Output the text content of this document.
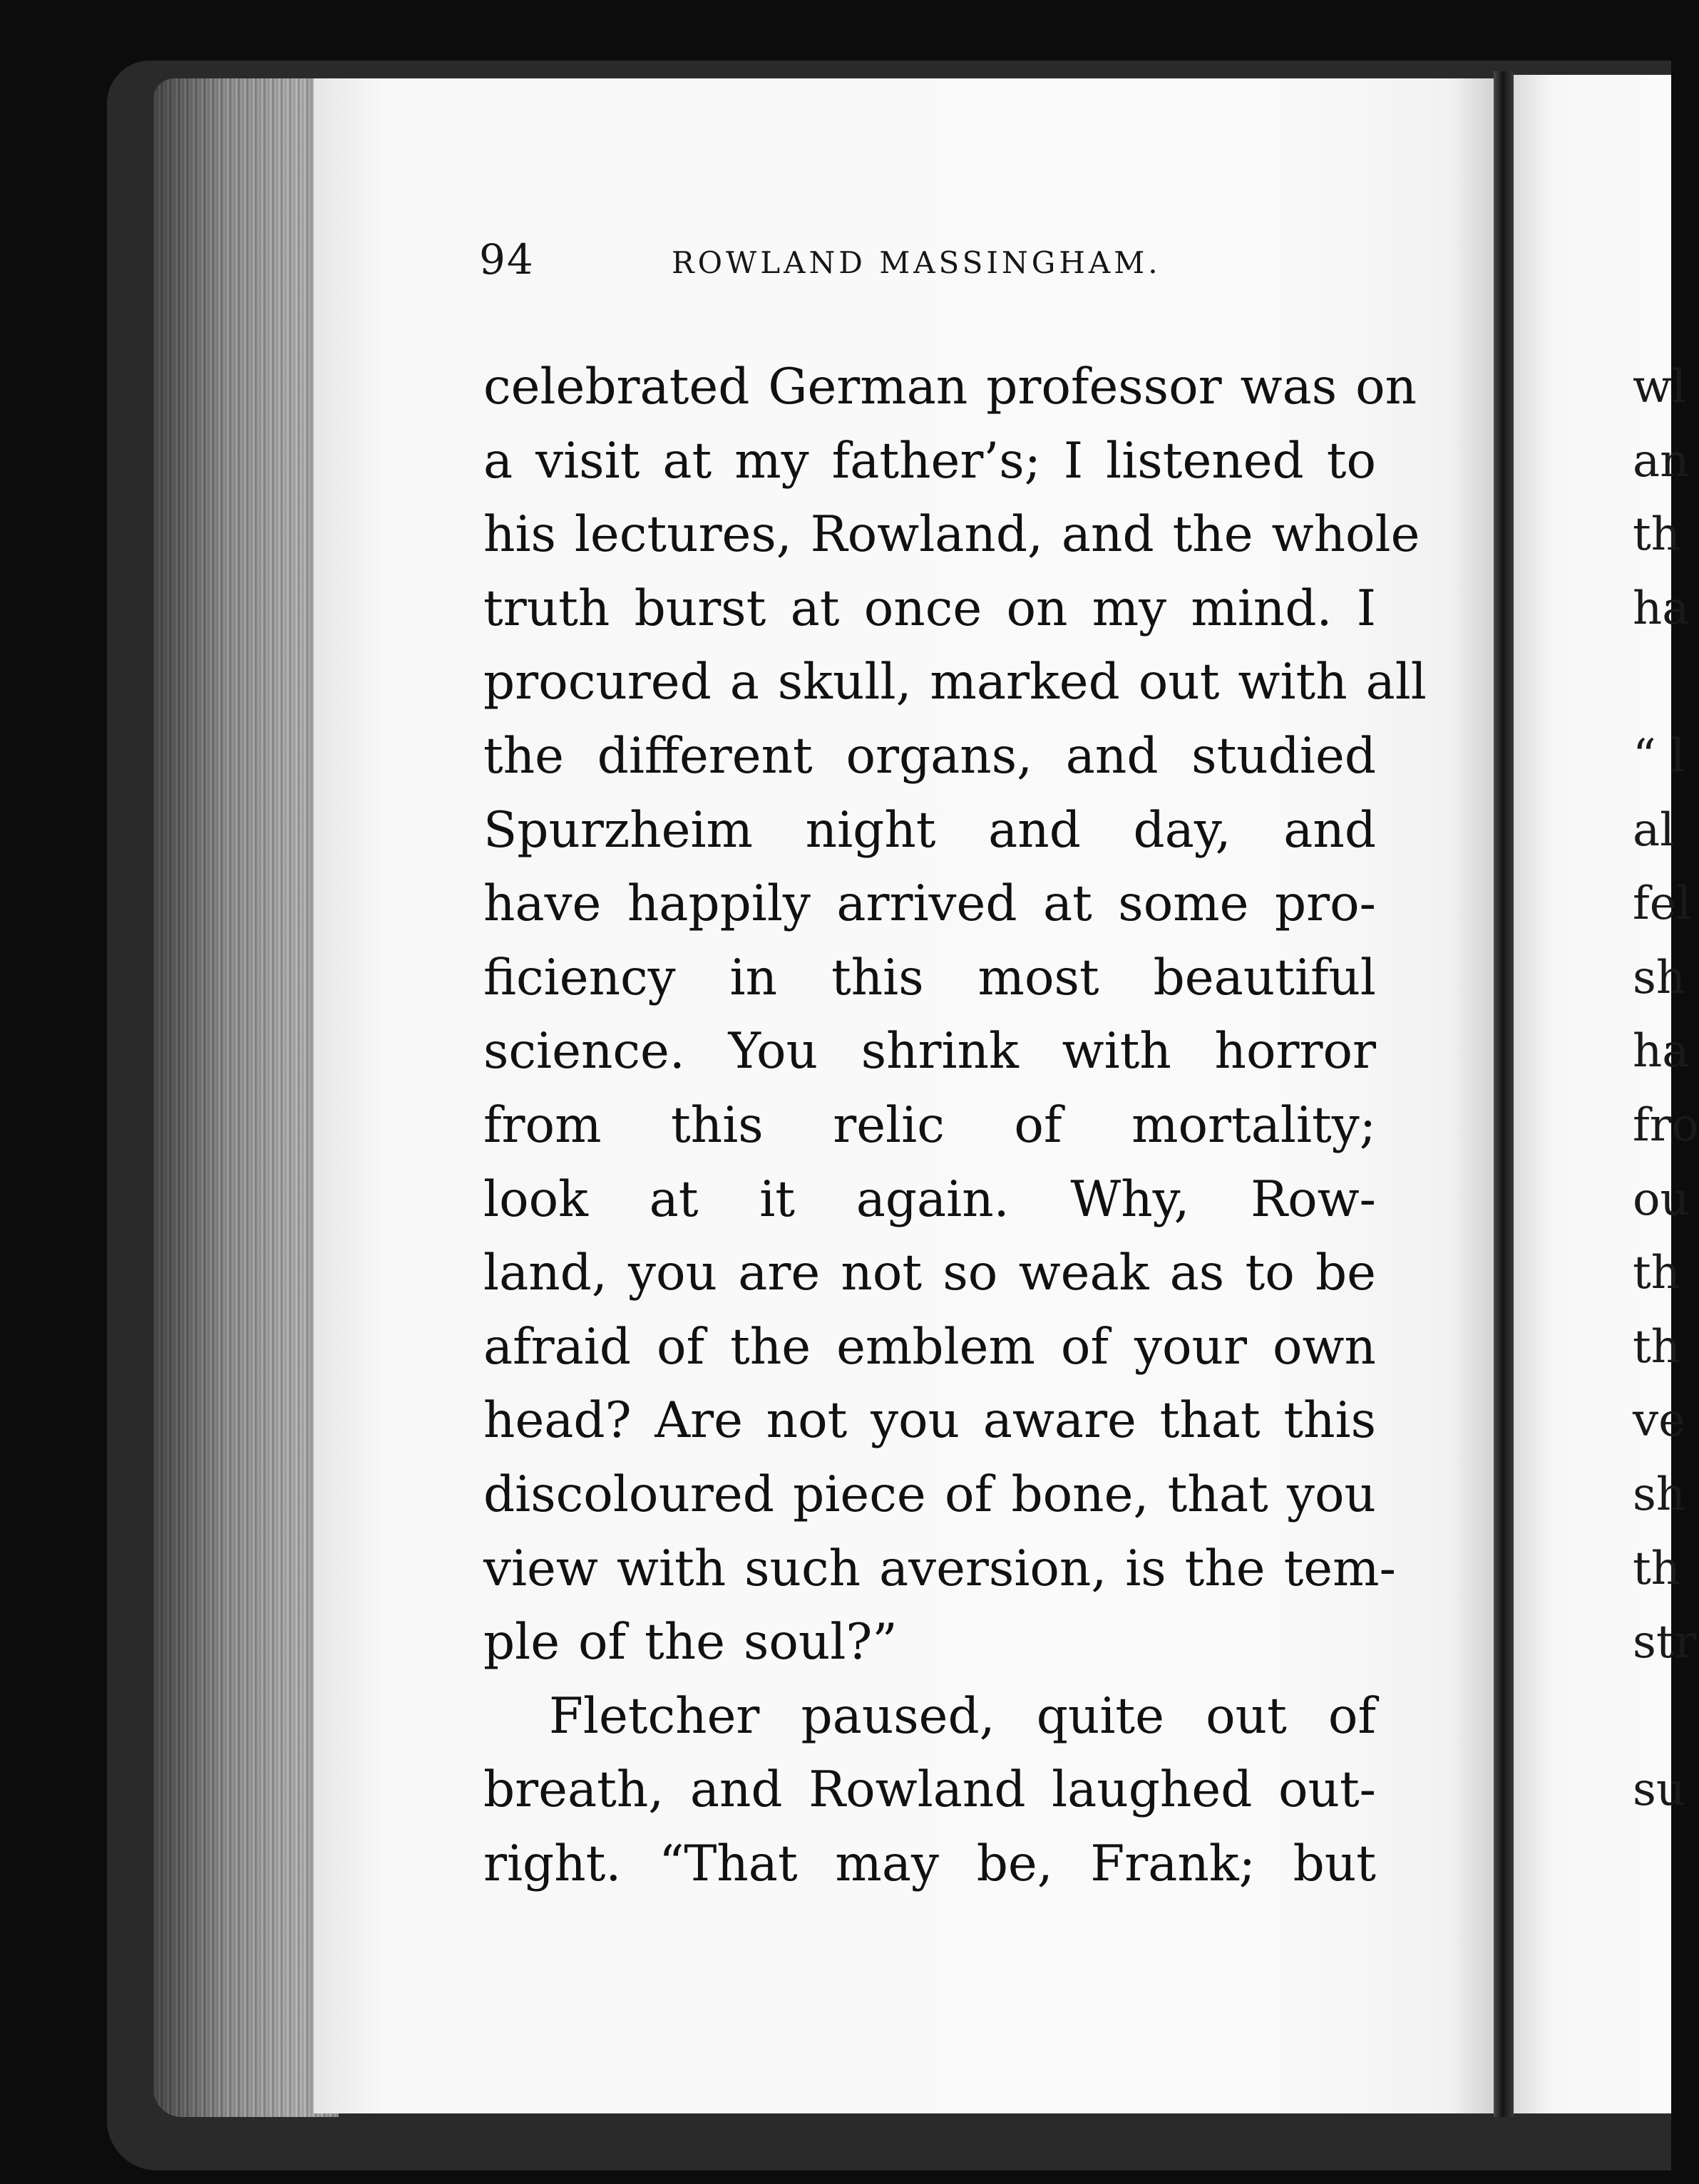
94	ROWLAND MASSINGHAM.
celebrated German professor was on
a visit at my father’s; I listened to
his lectures, Rowland, and the whole
truth burst at once on my mind. I
procured a skull, marked out with all
the different organs, and studied
Spurzheim night and day, and
have happily arrived at some pro-
ficiency in this most beautiful
science. You shrink with horror
from this relic of mortality;
look at it again. Why, Row-
land, you are not so weak as to be
afraid of the emblem of your own
head? Are not you aware that this
discoloured piece of bone, that you
view with such aversion, is the tem-
ple of the soul?”
Fletcher paused, quite out of
breath, and Rowland laughed out-
right. “That may be, Frank; but
wl
an
th
ha
“ l
al
fel
sh
ha
fro
ou
th
th
ve
sh
th
str
su
